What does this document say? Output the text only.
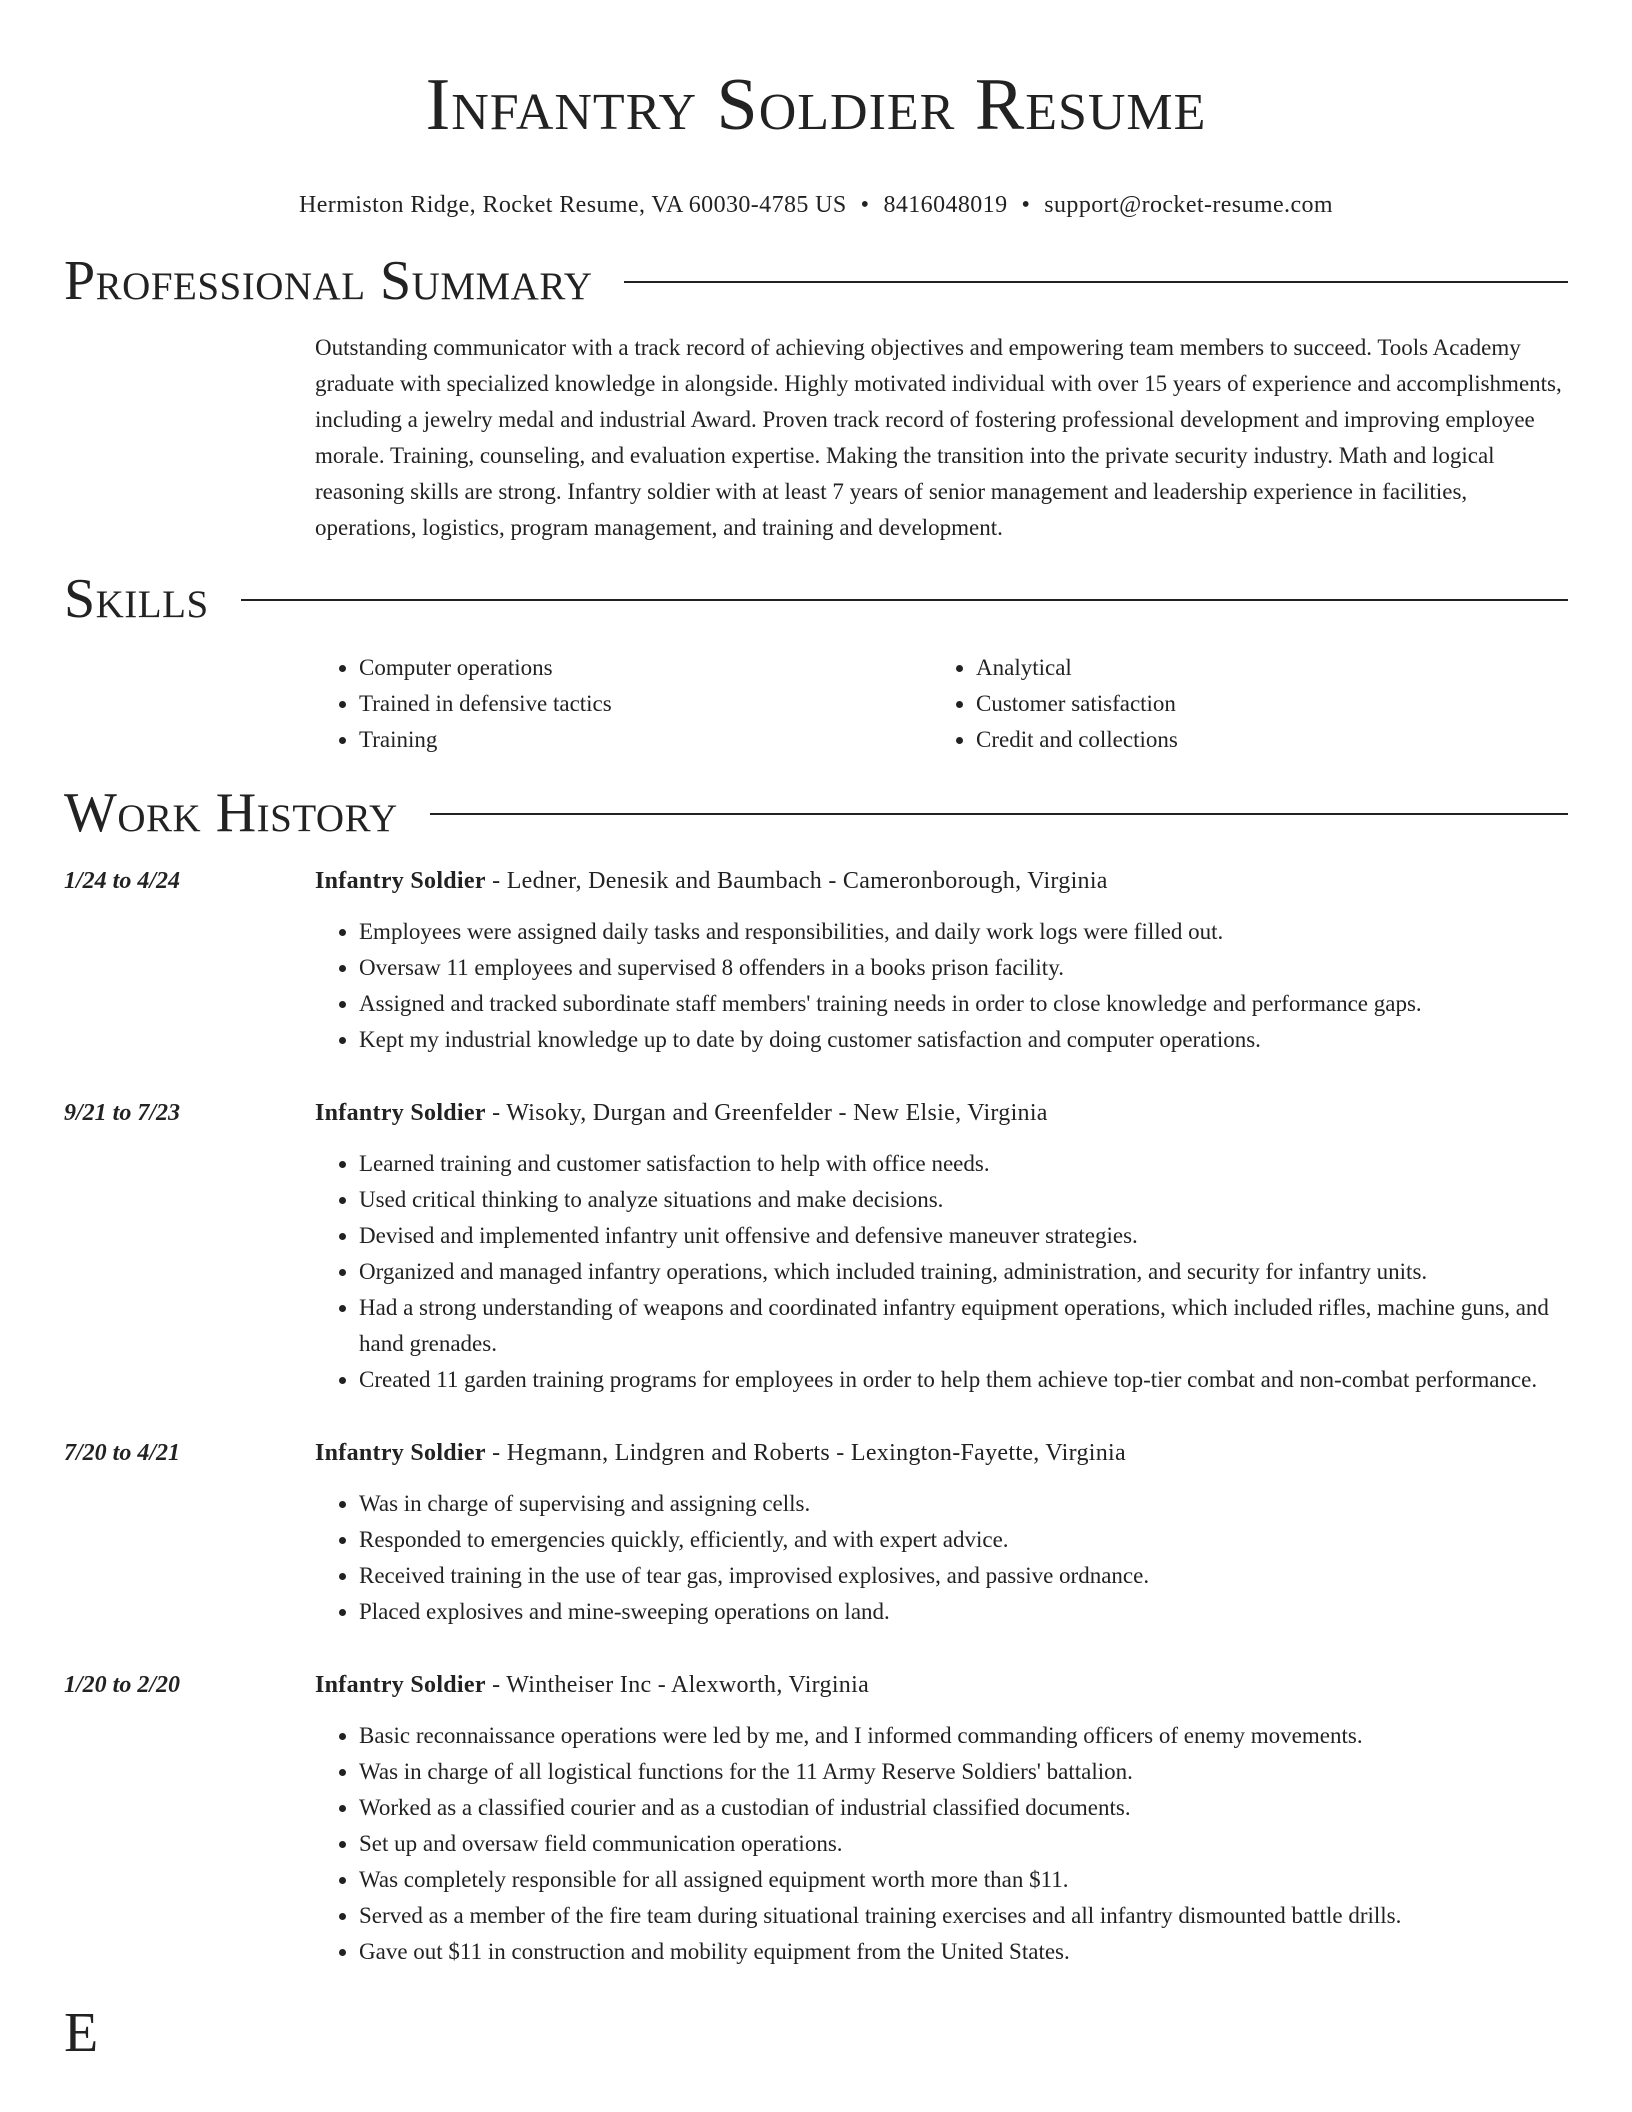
Infantry Soldier Resume
Hermiston Ridge, Rocket Resume, VA 60030-4785 US • 8416048019 • support@rocket-resume.com
Professional Summary

Outstanding communicator with a track record of achieving objectives and empowering team members to succeed. Tools Academy graduate with specialized knowledge in alongside. Highly motivated individual with over 15 years of experience and accomplishments, including a jewelry medal and industrial Award. Proven track record of fostering professional development and improving employee morale. Training, counseling, and evaluation expertise. Making the transition into the private security industry. Math and logical reasoning skills are strong. Infantry soldier with at least 7 years of senior management and leadership experience in facilities, operations, logistics, program management, and training and development.

Skills
• Computer operations
• Trained in defensive tactics
• Training
• Analytical
• Customer satisfaction
• Credit and collections
Work History
1/24 to 4/24	Infantry Soldier - Ledner, Denesik and Baumbach - Cameronborough, Virginia
• Employees were assigned daily tasks and responsibilities, and daily work logs were filled out.
• Oversaw 11 employees and supervised 8 offenders in a books prison facility.
• Assigned and tracked subordinate staff members' training needs in order to close knowledge and performance gaps.
• Kept my industrial knowledge up to date by doing customer satisfaction and computer operations.
9/21 to 7/23	Infantry Soldier - Wisoky, Durgan and Greenfelder - New Elsie, Virginia
• Learned training and customer satisfaction to help with office needs.
• Used critical thinking to analyze situations and make decisions.
• Devised and implemented infantry unit offensive and defensive maneuver strategies.
• Organized and managed infantry operations, which included training, administration, and security for infantry units.
• Had a strong understanding of weapons and coordinated infantry equipment operations, which included rifles, machine guns, and hand grenades.
• Created 11 garden training programs for employees in order to help them achieve top-tier combat and non-combat performance.
7/20 to 4/21	Infantry Soldier - Hegmann, Lindgren and Roberts - Lexington-Fayette, Virginia
• Was in charge of supervising and assigning cells.
• Responded to emergencies quickly, efficiently, and with expert advice.
• Received training in the use of tear gas, improvised explosives, and passive ordnance.
• Placed explosives and mine-sweeping operations on land.
1/20 to 2/20	Infantry Soldier - Wintheiser Inc - Alexworth, Virginia
• Basic reconnaissance operations were led by me, and I informed commanding officers of enemy movements.
• Was in charge of all logistical functions for the 11 Army Reserve Soldiers' battalion.
• Worked as a classified courier and as a custodian of industrial classified documents.
• Set up and oversaw field communication operations.
• Was completely responsible for all assigned equipment worth more than $11.
• Served as a member of the fire team during situational training exercises and all infantry dismounted battle drills.
• Gave out $11 in construction and mobility equipment from the United States.
E
